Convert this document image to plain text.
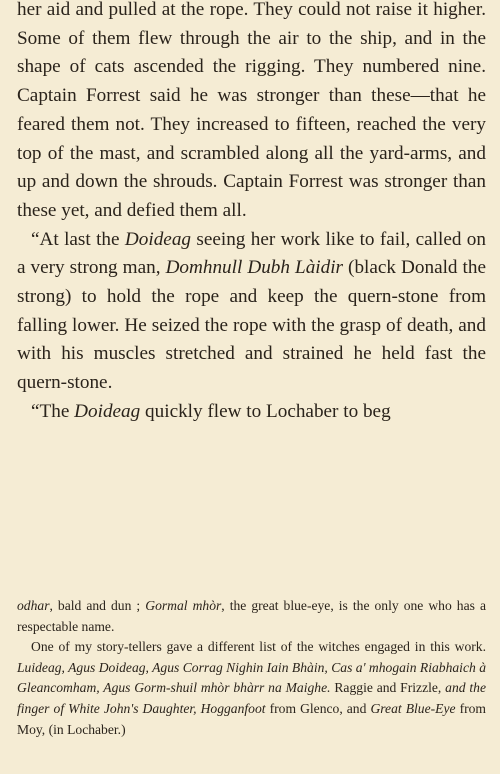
her aid and pulled at the rope. They could not raise it higher. Some of them flew through the air to the ship, and in the shape of cats ascended the rigging. They numbered nine. Captain Forrest said he was stronger than these—that he feared them not. They increased to fifteen, reached the very top of the mast, and scrambled along all the yard-arms, and up and down the shrouds. Captain Forrest was stronger than these yet, and defied them all.

“At last the Doideag seeing her work like to fail, called on a very strong man, Domhnull Dubh Làidir (black Donald the strong) to hold the rope and keep the quern-stone from falling lower. He seized the rope with the grasp of death, and with his muscles stretched and strained he held fast the quern-stone.

“The Doideag quickly flew to Lochaber to beg

odhar, bald and dun ; Gormal mhòr, the great blue-eye, is the only one who has a respectable name.

One of my story-tellers gave a different list of the witches engaged in this work. Luideag, Agus Doideag, Agus Corrag Nighin Iain Bhàin, Cas a' mhogain Riabhaich à Gleancomham, Agus Gorm-shuil mhòr bhàrr na Maighe. Raggie and Frizzle, and the finger of White John's Daughter, Hogganfoot from Glenco, and Great Blue-Eye from Moy, (in Lochaber.)
